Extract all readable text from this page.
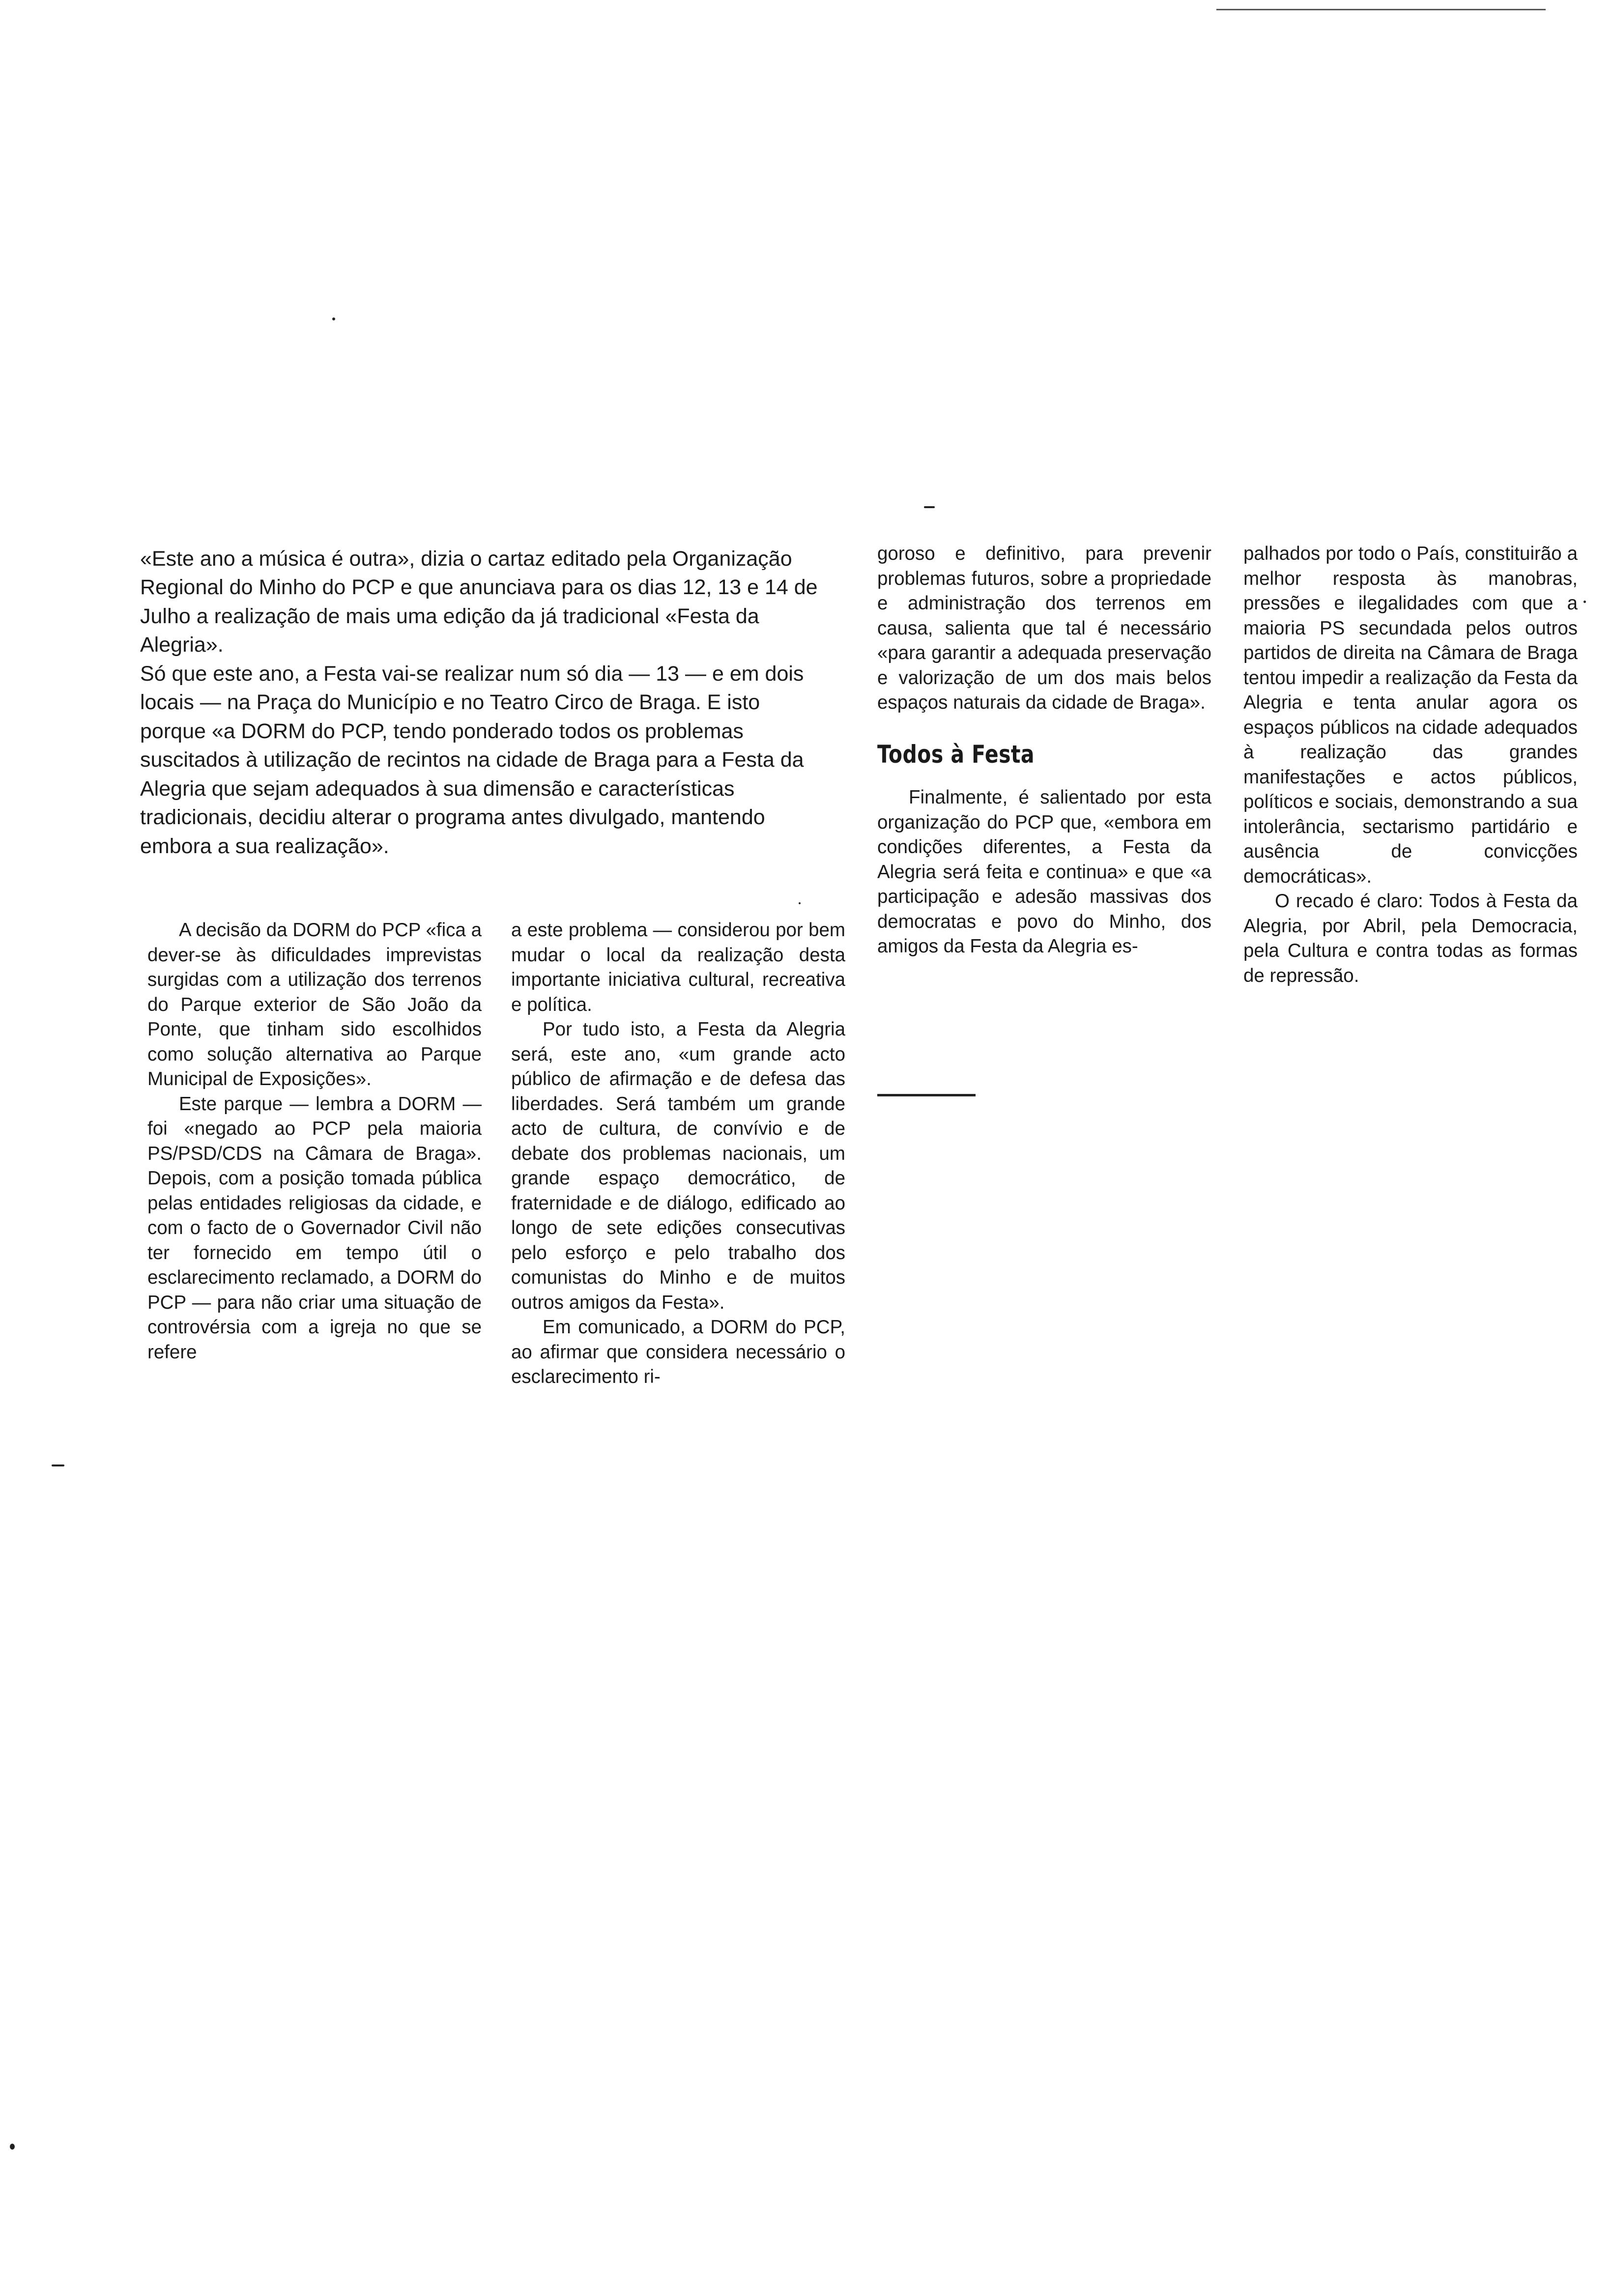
«Este ano a música é outra», dizia o cartaz editado pela Organização Regional do Minho do PCP e que anunciava para os dias 12, 13 e 14 de Julho a realização de mais uma edição da já tradicional «Festa da Alegria».

Só que este ano, a Festa vai-se realizar num só dia — 13 — e em dois locais — na Praça do Município e no Teatro Circo de Braga. E isto porque «a DORM do PCP, tendo ponderado todos os problemas suscitados à utilização de recintos na cidade de Braga para a Festa da Alegria que sejam adequados à sua dimensão e características tradicionais, decidiu alterar o programa antes divulgado, mantendo embora a sua realização».

A decisão da DORM do PCP «fica a dever-se às dificuldades imprevistas surgidas com a utilização dos terrenos do Parque exterior de São João da Ponte, que tinham sido escolhidos como solução alternativa ao Parque Municipal de Exposições».

Este parque — lembra a DORM — foi «negado ao PCP pela maioria PS/PSD/CDS na Câmara de Braga». Depois, com a posição tomada pública pelas entidades religiosas da cidade, e com o facto de o Governador Civil não ter fornecido em tempo útil o esclarecimento reclamado, a DORM do PCP — para não criar uma situação de controvérsia com a igreja no que se refere

a este problema — considerou por bem mudar o local da realização desta importante iniciativa cultural, recreativa e política.

Por tudo isto, a Festa da Alegria será, este ano, «um grande acto público de afirmação e de defesa das liberdades. Será também um grande acto de cultura, de convívio e de debate dos problemas nacionais, um grande espaço democrático, de fraternidade e de diálogo, edificado ao longo de sete edições consecutivas pelo esforço e pelo trabalho dos comunistas do Minho e de muitos outros amigos da Festa».

Em comunicado, a DORM do PCP, ao afirmar que considera necessário o esclarecimento ri-

goroso e definitivo, para prevenir problemas futuros, sobre a propriedade e administração dos terrenos em causa, salienta que tal é necessário «para garantir a adequada preservação e valorização de um dos mais belos espaços naturais da cidade de Braga».

Todos à Festa

Finalmente, é salientado por esta organização do PCP que, «embora em condições diferentes, a Festa da Alegria será feita e continua» e que «a participação e adesão massivas dos democratas e povo do Minho, dos amigos da Festa da Alegria es-

palhados por todo o País, constituirão a melhor resposta às manobras, pressões e ilegalidades com que a maioria PS secundada pelos outros partidos de direita na Câmara de Braga tentou impedir a realização da Festa da Alegria e tenta anular agora os espaços públicos na cidade adequados à realização das grandes manifestações e actos públicos, políticos e sociais, demonstrando a sua intolerância, sectarismo partidário e ausência de convicções democráticas».

O recado é claro: Todos à Festa da Alegria, por Abril, pela Democracia, pela Cultura e contra todas as formas de repressão.
